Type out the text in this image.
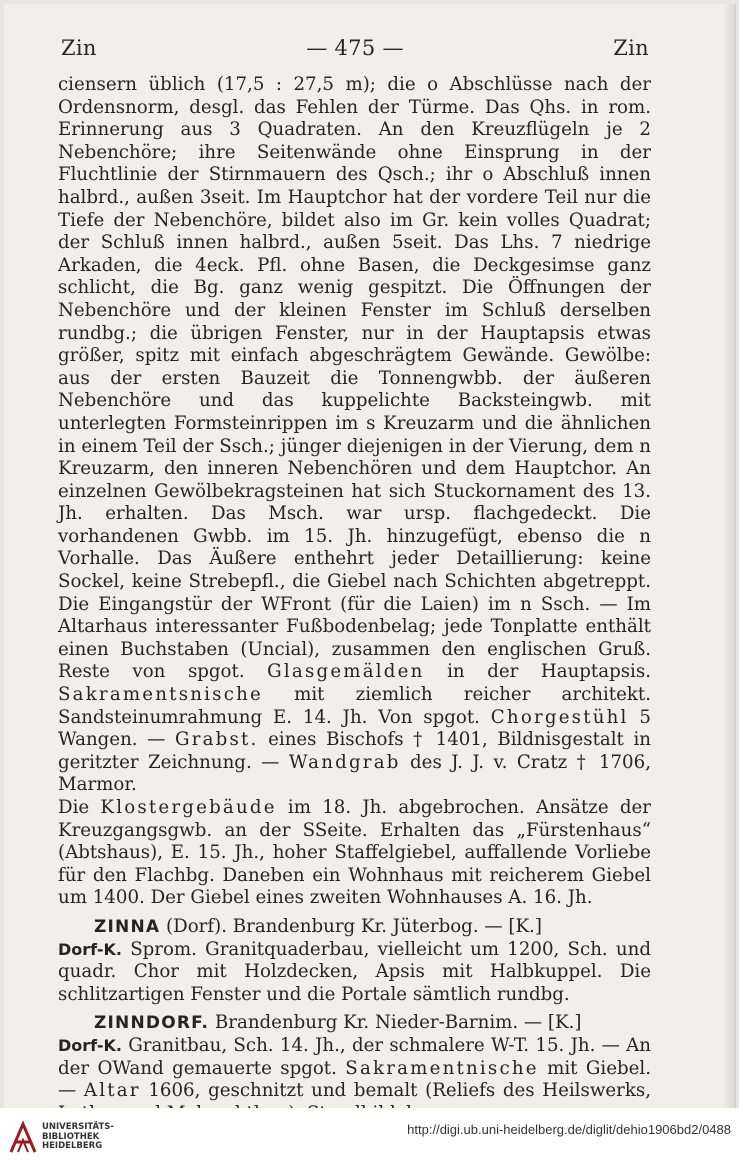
Zin	— 475 —	Zin

ciensern üblich (17,5 : 27,5 m); die o Abschlüsse nach der Ordensnorm, desgl. das Fehlen der Türme. Das Qhs. in rom. Erinnerung aus 3 Quadraten. An den Kreuzflügeln je 2 Nebenchöre; ihre Seitenwände ohne Einsprung in der Fluchtlinie der Stirnmauern des Qsch.; ihr o Abschluß innen halbrd., außen 3seit. Im Hauptchor hat der vordere Teil nur die Tiefe der Nebenchöre, bildet also im Gr. kein volles Quadrat; der Schluß innen halbrd., außen 5seit. Das Lhs. 7 niedrige Arkaden, die 4eck. Pfl. ohne Basen, die Deckgesimse ganz schlicht, die Bg. ganz wenig gespitzt. Die Öffnungen der Nebenchöre und der kleinen Fenster im Schluß derselben rundbg.; die übrigen Fenster, nur in der Hauptapsis etwas größer, spitz mit einfach abgeschrägtem Gewände. Gewölbe: aus der ersten Bauzeit die Tonnengwbb. der äußeren Nebenchöre und das kuppelichte Backsteingwb. mit unterlegten Formsteinrippen im s Kreuzarm und die ähnlichen in einem Teil der Ssch.; jünger diejenigen in der Vierung, dem n Kreuzarm, den inneren Nebenchören und dem Hauptchor. An einzelnen Gewölbekragsteinen hat sich Stuckornament des 13. Jh. erhalten. Das Msch. war ursp. flachgedeckt. Die vorhandenen Gwbb. im 15. Jh. hinzugefügt, ebenso die n Vorhalle. Das Äußere enthehrt jeder Detaillierung: keine Sockel, keine Strebepfl., die Giebel nach Schichten abgetreppt. Die Eingangstür der WFront (für die Laien) im n Ssch. — Im Altarhaus interessanter Fußbodenbelag; jede Tonplatte enthält einen Buchstaben (Uncial), zusammen den englischen Gruß. Reste von spgot. Glasgemälden in der Hauptapsis. Sakramentsnische mit ziemlich reicher architekt. Sandsteinumrahmung E. 14. Jh. Von spgot. Chorgestühl 5 Wangen. — Grabst. eines Bischofs † 1401, Bildnisgestalt in geritzter Zeichnung. — Wandgrab des J. J. v. Cratz † 1706, Marmor.

Die Klostergebäude im 18. Jh. abgebrochen. Ansätze der Kreuzgangsgwb. an der SSeite. Erhalten das „Fürstenhaus“ (Abtshaus), E. 15. Jh., hoher Staffelgiebel, auffallende Vorliebe für den Flachbg. Daneben ein Wohnhaus mit reicherem Giebel um 1400. Der Giebel eines zweiten Wohnhauses A. 16. Jh.

ZINNA (Dorf). Brandenburg Kr. Jüterbog. — [K.]

Dorf-K. Sprom. Granitquaderbau, vielleicht um 1200, Sch. und quadr. Chor mit Holzdecken, Apsis mit Halbkuppel. Die schlitzartigen Fenster und die Portale sämtlich rundbg.

ZINNDORF. Brandenburg Kr. Nieder-Barnim. — [K.]

Dorf-K. Granitbau, Sch. 14. Jh., der schmalere W-T. 15. Jh. — An der OWand gemauerte spgot. Sakramentnische mit Giebel. — Altar 1606, geschnitzt und bemalt (Reliefs des Heilswerks,

UNIVERSITÄTS-
BIBLIOTHEK
HEIDELBERG
http://digi.ub.uni-heidelberg.de/diglit/dehio1906bd2/0488
